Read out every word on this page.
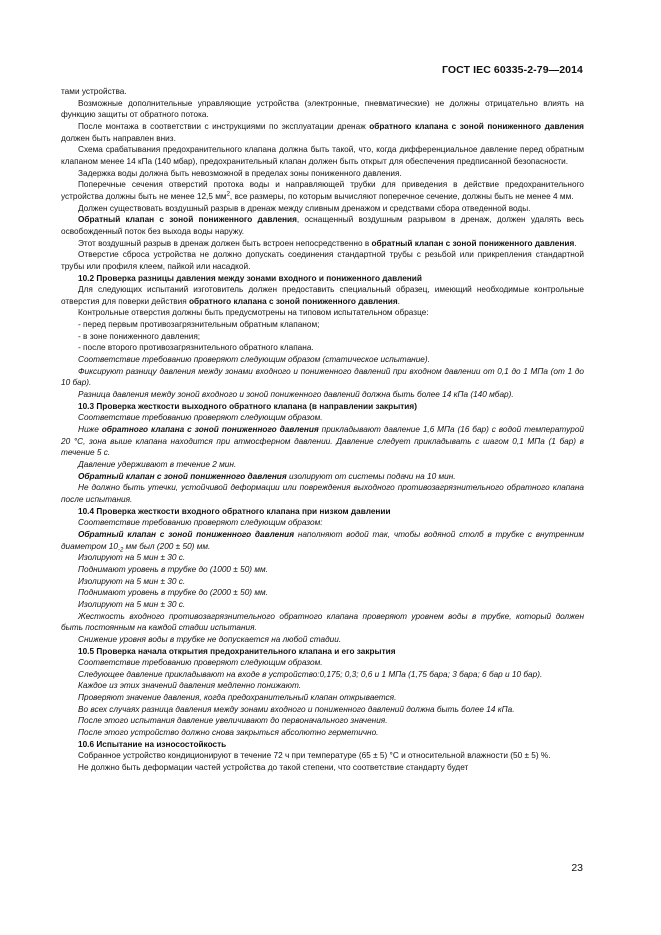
ГОСТ IEC 60335-2-79—2014

тами устройства.

Возможные дополнительные управляющие устройства (электронные, пневматические) не должны отрицательно влиять на функцию защиты от обратного потока.

После монтажа в соответствии с инструкциями по эксплуатации дренаж обратного клапана с зоной пониженного давления должен быть направлен вниз.

Схема срабатывания предохранительного клапана должна быть такой, что, когда дифференциальное давление перед обратным клапаном менее 14 кПа (140 мбар), предохранительный клапан должен быть открыт для обеспечения предписанной безопасности.

Задержка воды должна быть невозможной в пределах зоны пониженного давления.

Поперечные сечения отверстий протока воды и направляющей трубки для приведения в действие предохранительного устройства должны быть не менее 12,5 $мм^2$, все размеры, по которым вычисляют поперечное сечение, должны быть не менее 4 мм.

Должен существовать воздушный разрыв в дренаж между сливным дренажом и средствами сбора отведенной воды.

Обратный клапан с зоной пониженного давления, оснащенный воздушным разрывом в дренаж, должен удалять весь освобожденный поток без выхода воды наружу.

Этот воздушный разрыв в дренаж должен быть встроен непосредственно в обратный клапан с зоной пониженного давления.

Отверстие сброса устройства не должно допускать соединения стандартной трубы с резьбой или прикрепления стандартной трубы или профиля клеем, пайкой или насадкой.

10.2 Проверка разницы давления между зонами входного и пониженного давлений

Для следующих испытаний изготовитель должен предоставить специальный образец, имеющий необходимые контрольные отверстия для поверки действия обратного клапана с зоной пониженного давления.

Контрольные отверстия должны быть предусмотрены на типовом испытательном образце:

- перед первым противозагрязнительным обратным клапаном;

- в зоне пониженного давления;

- после второго противозагрязнительного обратного клапана.

Соответствие требованию проверяют следующим образом (статическое испытание).

Фиксируют разницу давления между зонами входного и пониженного давлений при входном давлении от 0,1 до 1 МПа (от 1 до 10 бар).

Разница давления между зоной входного и зоной пониженного давлений должна быть более 14 кПа (140 мбар).

10.3 Проверка жесткости выходного обратного клапана (в направлении закрытия)

Соответствие требованию проверяют следующим образом.

Ниже обратного клапана с зоной пониженного давления прикладывают давление 1,6 МПа (16 бар) с водой температурой 20 °С, зона выше клапана находится при атмосферном давлении. Давление следует прикладывать с шагом 0,1 МПа (1 бар) в течение 5 с.

Давление удерживают в течение 2 мин.

Обратный клапан с зоной пониженного давления изолируют от системы подачи на 10 мин.

Не должно быть утечки, устойчивой деформации или повреждения выходного противозагрязнительного обратного клапана после испытания.

10.4 Проверка жесткости входного обратного клапана при низком давлении

Соответствие требованию проверяют следующим образом:

Обратный клапан с зоной пониженного давления наполняют водой так, чтобы водяной столб в трубке с внутренним диаметром $10_{-2}$ мм был (200 ± 50) мм.

Изолируют на 5 мин ± 30 с.

Поднимают уровень в трубке до (1000 ± 50) мм.

Изолируют на 5 мин ± 30 с.

Поднимают уровень в трубке до (2000 ± 50) мм.

Изолируют на 5 мин ± 30 с.

Жесткость входного противозагрязнительного обратного клапана проверяют уровнем воды в трубке, который должен быть постоянным на каждой стадии испытания.

Снижение уровня воды в трубке не допускается на любой стадии.

10.5 Проверка начала открытия предохранительного клапана и его закрытия

Соответствие требованию проверяют следующим образом.

Следующее давление прикладывают на входе в устройство:0,175; 0,3; 0,6 и 1 МПа (1,75 бара; 3 бара; 6 бар и 10 бар).

Каждое из этих значений давления медленно понижают.

Проверяют значение давления, когда предохранительный клапан открывается.

Во всех случаях разница давления между зонами входного и пониженного давлений должна быть более 14 кПа.

После этого испытания давление увеличивают до первоначального значения.

После этого устройство должно снова закрыться абсолютно герметично.

10.6 Испытание на износостойкость

Собранное устройство кондиционируют в течение 72 ч при температуре (65 ± 5) °С и относительной влажности (50 ± 5) %.

Не должно быть деформации частей устройства до такой степени, что соответствие стандарту будет

23
